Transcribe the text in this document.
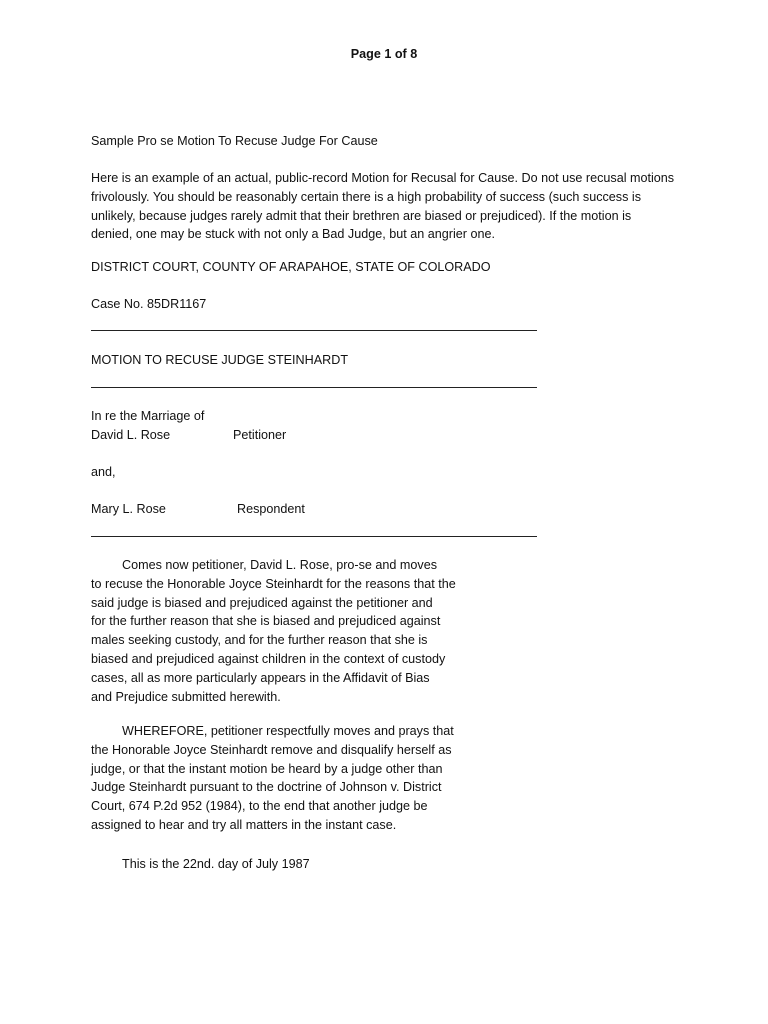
Page 1 of 8
Sample Pro se Motion To Recuse Judge For Cause
Here is an example of an actual, public-record Motion for Recusal for Cause. Do not use recusal motions
frivolously. You should be reasonably certain there is a high probability of success (such success is
unlikely, because judges rarely admit that their brethren are biased or prejudiced). If the motion is
denied, one may be stuck with not only a Bad Judge, but an angrier one.
DISTRICT COURT, COUNTY OF ARAPAHOE, STATE OF COLORADO
Case No. 85DR1167
MOTION TO RECUSE JUDGE STEINHARDT
In re the Marriage of
David L. Rose	Petitioner
and,
Mary L. Rose	Respondent
Comes now petitioner, David L. Rose, pro-se and moves
to recuse the Honorable Joyce Steinhardt for the reasons that the
said judge is biased and prejudiced against the petitioner and
for the further reason that she is biased and prejudiced against
males seeking custody, and for the further reason that she is
biased and prejudiced against children in the context of custody
cases, all as more particularly appears in the Affidavit of Bias
and Prejudice submitted herewith.
WHEREFORE, petitioner respectfully moves and prays that
the Honorable Joyce Steinhardt remove and disqualify herself as
judge, or that the instant motion be heard by a judge other than
Judge Steinhardt pursuant to the doctrine of Johnson v. District
Court, 674 P.2d 952 (1984), to the end that another judge be
assigned to hear and try all matters in the instant case.
This is the 22nd. day of July 1987
